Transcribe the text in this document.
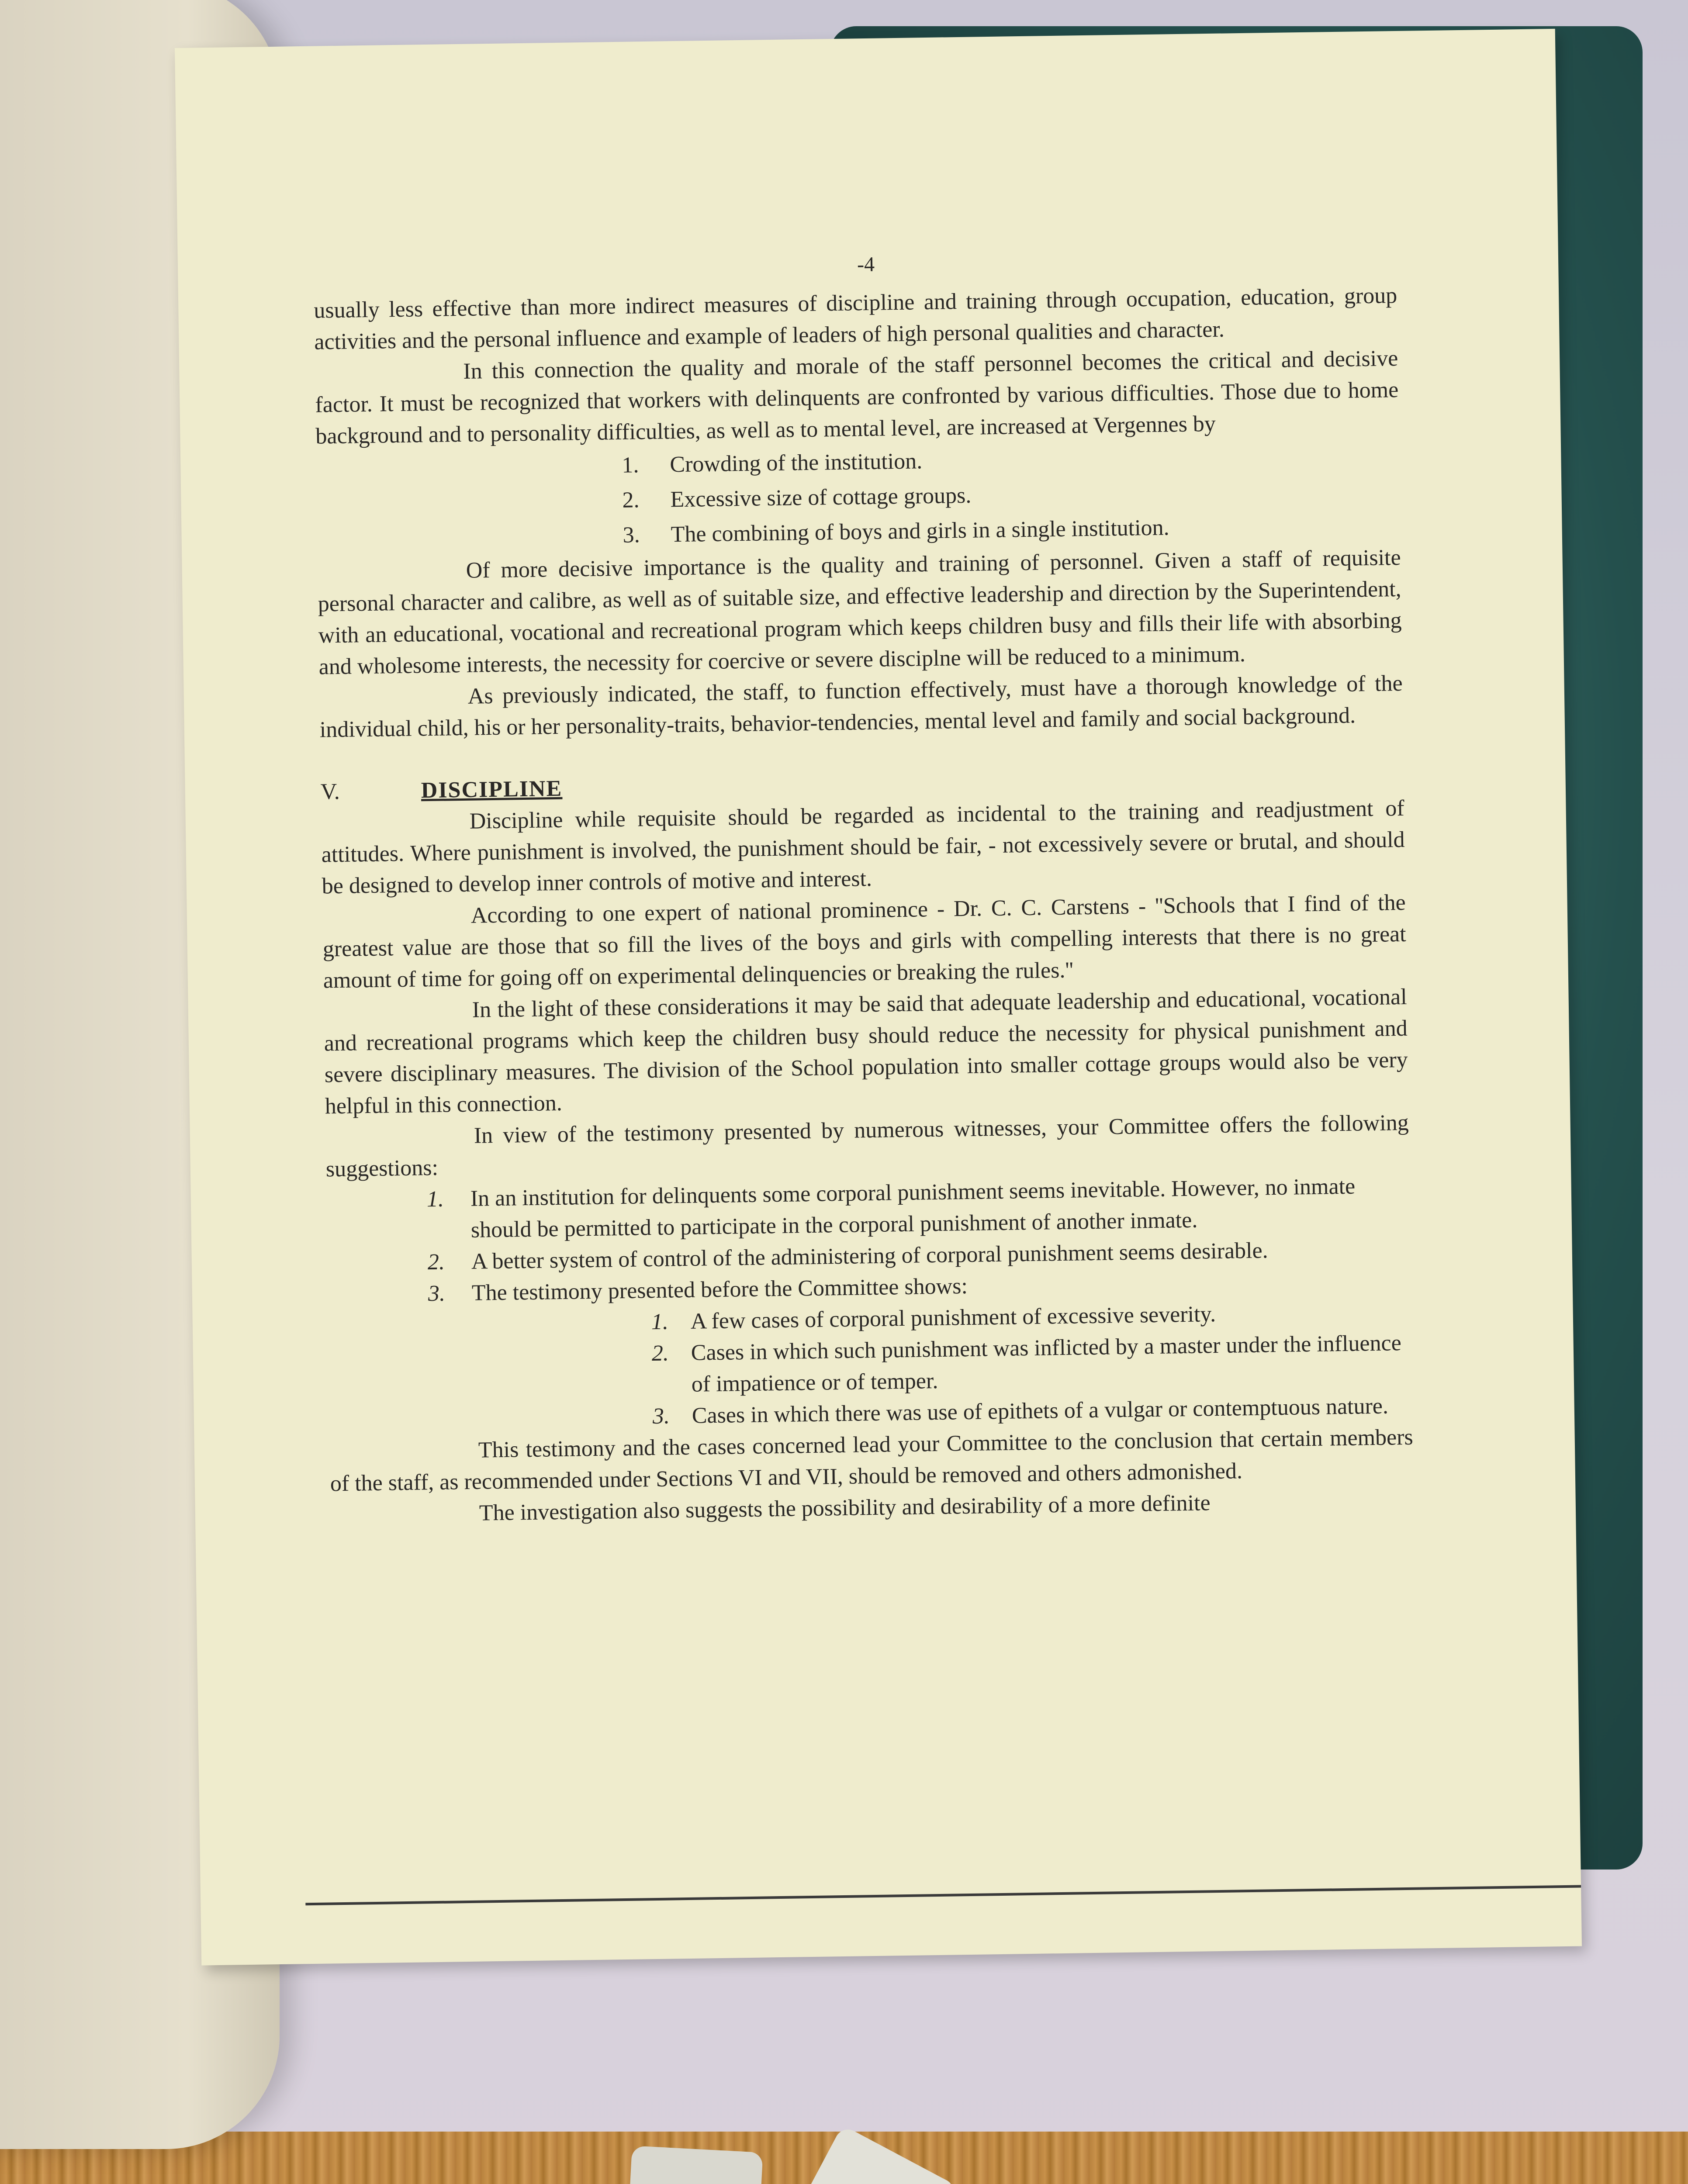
-4

usually less effective than more indirect measures of discipline and training through occupation, education, group activities and the personal influence and example of leaders of high personal qualities and character.

In this connection the quality and morale of the staff personnel becomes the critical and decisive factor. It must be recognized that workers with delinquents are confronted by various difficulties. Those due to home background and to personality difficulties, as well as to mental level, are increased at Vergennes by

1. Crowding of the institution.
2. Excessive size of cottage groups.
3. The combining of boys and girls in a single institution.

Of more decisive importance is the quality and training of personnel. Given a staff of requisite personal character and calibre, as well as of suitable size, and effective leadership and direction by the Superintendent, with an educational, vocational and recreational program which keeps children busy and fills their life with absorbing and wholesome interests, the necessity for coercive or severe disciplne will be reduced to a minimum.

As previously indicated, the staff, to function effectively, must have a thorough knowledge of the individual child, his or her personality-traits, behavior-tendencies, mental level and family and social background.

V.	DISCIPLINE

Discipline while requisite should be regarded as incidental to the training and readjustment of attitudes. Where punishment is involved, the punishment should be fair, - not excessively severe or brutal, and should be designed to develop inner controls of motive and interest.

According to one expert of national prominence - Dr. C. C. Carstens - ''Schools that I find of the greatest value are those that so fill the lives of the boys and girls with compelling interests that there is no great amount of time for going off on experimental delinquencies or breaking the rules.''

In the light of these considerations it may be said that adequate leadership and educational, vocational and recreational programs which keep the children busy should reduce the necessity for physical punishment and severe disciplinary measures. The division of the School population into smaller cottage groups would also be very helpful in this connection.

In view of the testimony presented by numerous witnesses, your Committee offers the following suggestions:

1. In an institution for delinquents some corporal punishment seems inevitable. However, no inmate should be permitted to participate in the corporal punishment of another inmate.
2. A better system of control of the administering of corporal punishment seems desirable.
3. The testimony presented before the Committee shows:
1. A few cases of corporal punishment of excessive severity.
2. Cases in which such punishment was inflicted by a master under the influence of impatience or of temper.
3. Cases in which there was use of epithets of a vulgar or contemptuous nature.

This testimony and the cases concerned lead your Committee to the conclusion that certain members of the staff, as recommended under Sections VI and VII, should be removed and others admonished.

The investigation also suggests the possibility and desirability of a more definite
